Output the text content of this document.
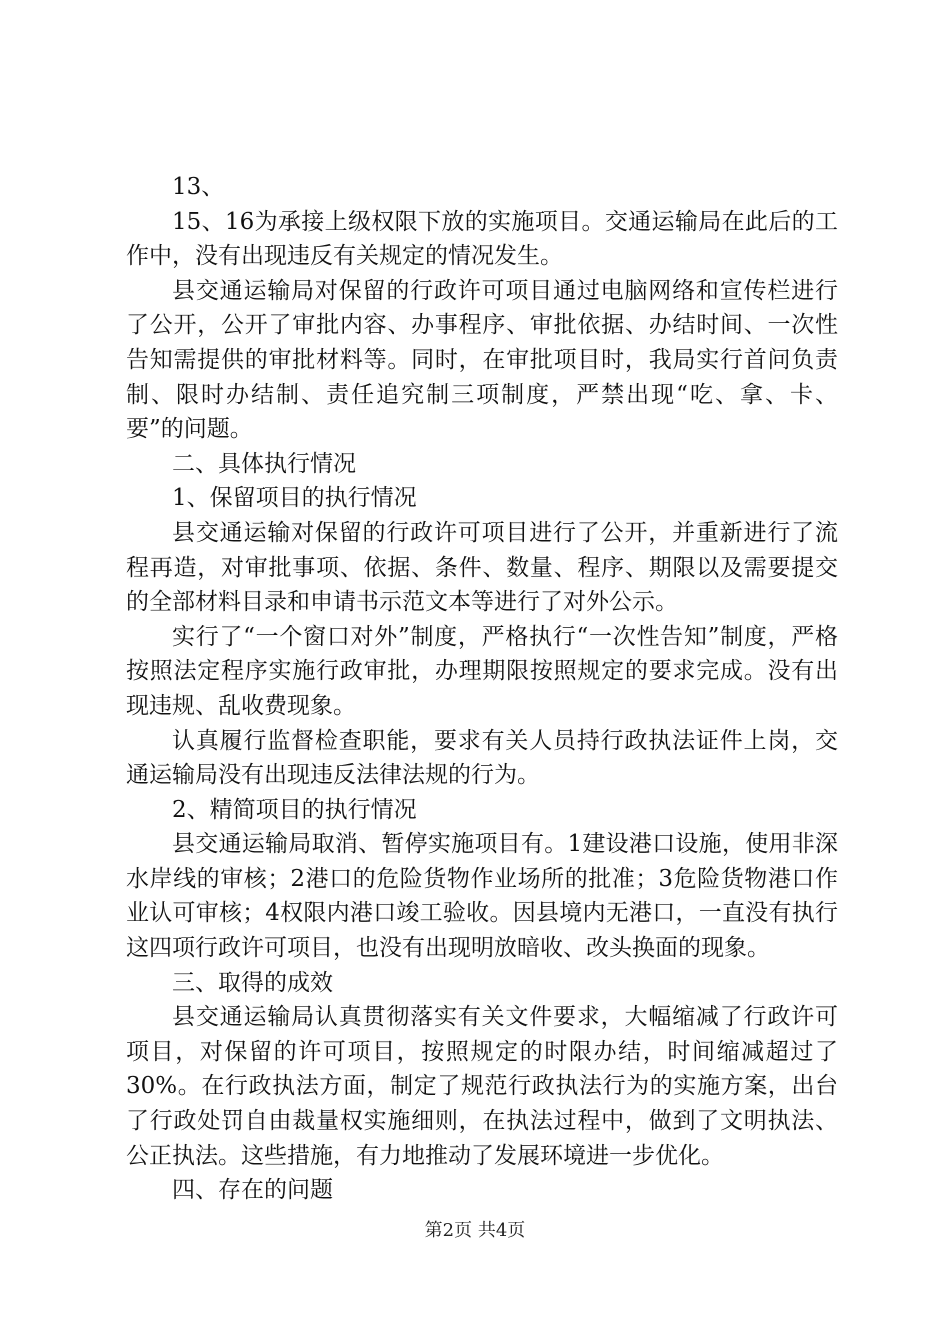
13、

15、16为承接上级权限下放的实施项目。交通运输局在此后的工作中，没有出现违反有关规定的情况发生。

县交通运输局对保留的行政许可项目通过电脑网络和宣传栏进行了公开，公开了审批内容、办事程序、审批依据、办结时间、一次性告知需提供的审批材料等。同时，在审批项目时，我局实行首问负责制、限时办结制、责任追究制三项制度，严禁出现“吃、拿、卡、要”的问题。

二、具体执行情况

1、保留项目的执行情况

县交通运输对保留的行政许可项目进行了公开，并重新进行了流程再造，对审批事项、依据、条件、数量、程序、期限以及需要提交的全部材料目录和申请书示范文本等进行了对外公示。

实行了“一个窗口对外”制度，严格执行“一次性告知”制度，严格按照法定程序实施行政审批，办理期限按照规定的要求完成。没有出现违规、乱收费现象。

认真履行监督检查职能，要求有关人员持行政执法证件上岗，交通运输局没有出现违反法律法规的行为。

2、精简项目的执行情况

县交通运输局取消、暂停实施项目有。1建设港口设施，使用非深水岸线的审核；2港口的危险货物作业场所的批准；3危险货物港口作业认可审核；4权限内港口竣工验收。因县境内无港口，一直没有执行这四项行政许可项目，也没有出现明放暗收、改头换面的现象。

三、取得的成效

县交通运输局认真贯彻落实有关文件要求，大幅缩减了行政许可项目，对保留的许可项目，按照规定的时限办结，时间缩减超过了30%。在行政执法方面，制定了规范行政执法行为的实施方案，出台了行政处罚自由裁量权实施细则，在执法过程中，做到了文明执法、公正执法。这些措施，有力地推动了发展环境进一步优化。

四、存在的问题

第2页 共4页
